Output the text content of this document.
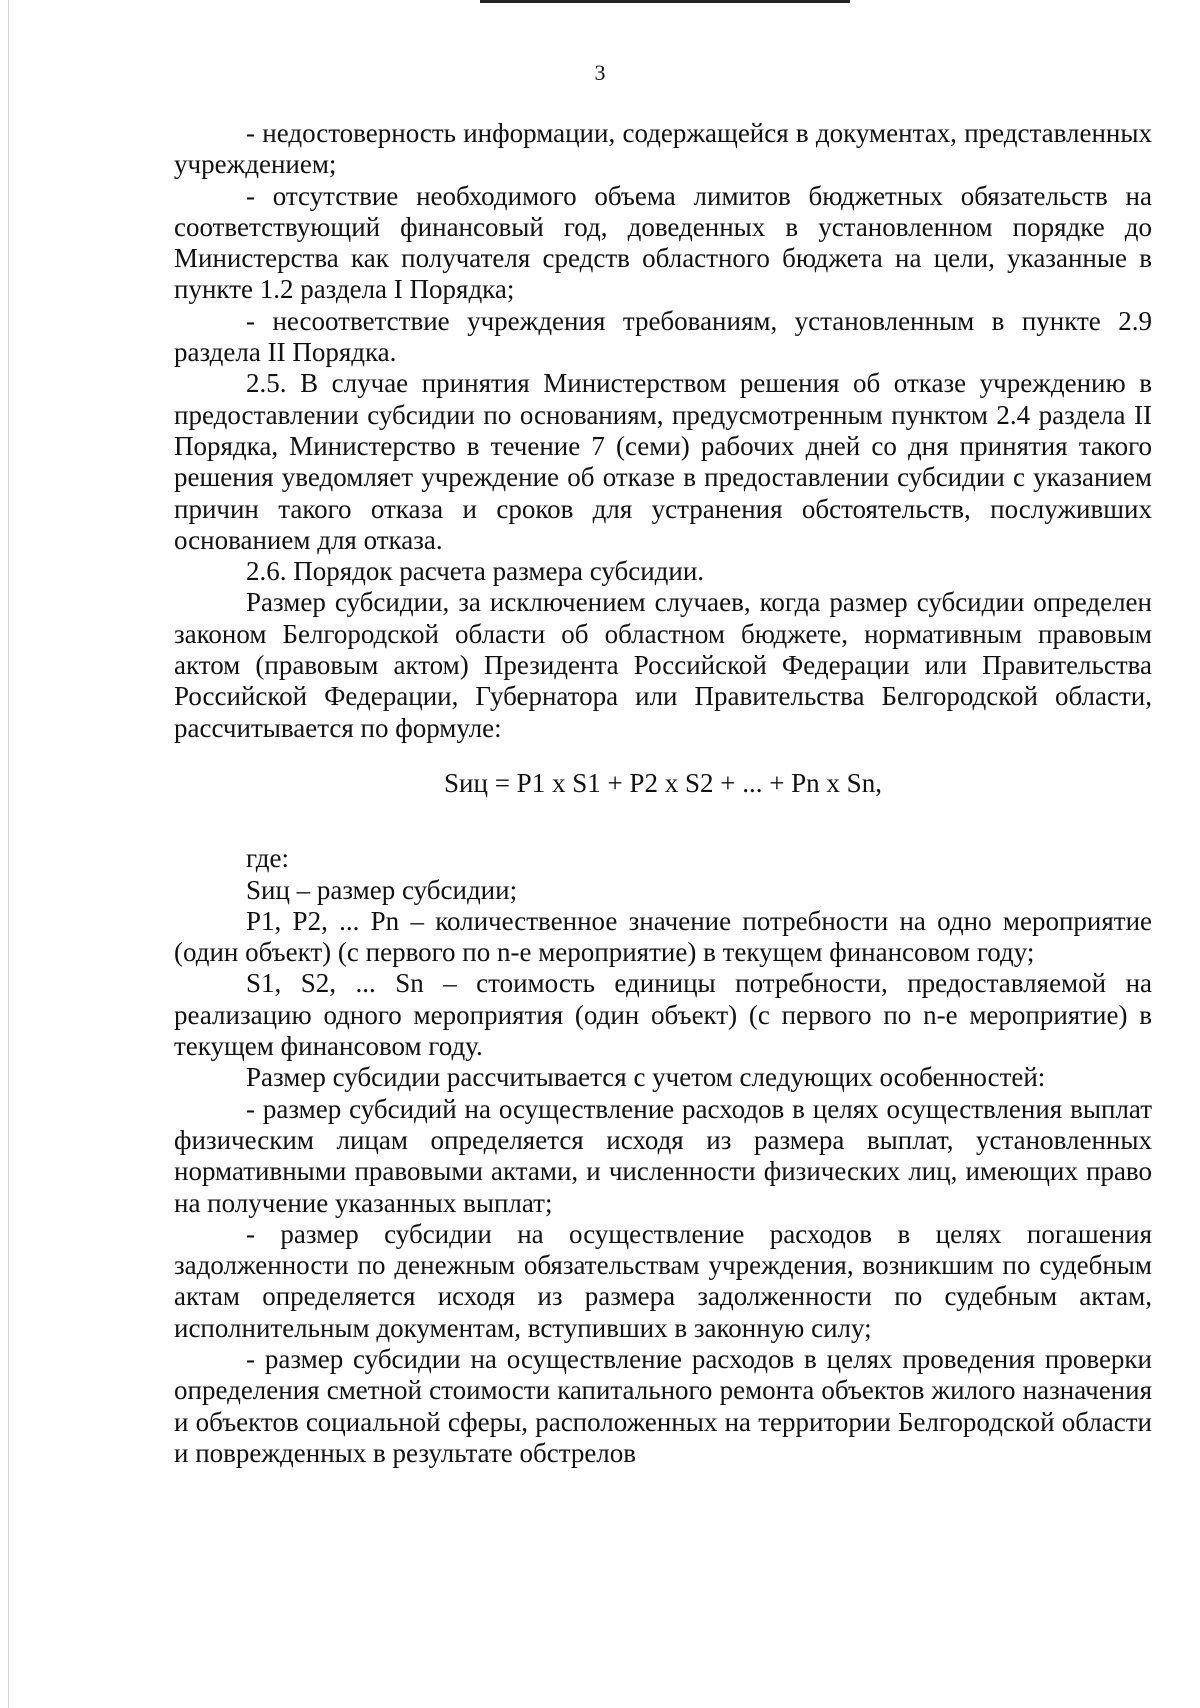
3

- недостоверность информации, содержащейся в документах, представленных учреждением;

- отсутствие необходимого объема лимитов бюджетных обязательств на соответствующий финансовый год, доведенных в установленном порядке до Министерства как получателя средств областного бюджета на цели, указанные в пункте 1.2 раздела I Порядка;

- несоответствие учреждения требованиям, установленным в пункте 2.9 раздела II Порядка.

2.5. В случае принятия Министерством решения об отказе учреждению в предоставлении субсидии по основаниям, предусмотренным пунктом 2.4 раздела II Порядка, Министерство в течение 7 (семи) рабочих дней со дня принятия такого решения уведомляет учреждение об отказе в предоставлении субсидии с указанием причин такого отказа и сроков для устранения обстоятельств, послуживших основанием для отказа.

2.6. Порядок расчета размера субсидии.

Размер субсидии, за исключением случаев, когда размер субсидии определен законом Белгородской области об областном бюджете, нормативным правовым актом (правовым актом) Президента Российской Федерации или Правительства Российской Федерации, Губернатора или Правительства Белгородской области, рассчитывается по формуле:

Sиц = P1 x S1 + P2 x S2 + ... + Pn x Sn,

где:

Sиц – размер субсидии;

P1, P2, ... Pn – количественное значение потребности на одно мероприятие (один объект) (с первого по n-е мероприятие) в текущем финансовом году;

S1, S2, ... Sn – стоимость единицы потребности, предоставляемой на реализацию одного мероприятия (один объект) (с первого по n-е мероприятие) в текущем финансовом году.

Размер субсидии рассчитывается с учетом следующих особенностей:

- размер субсидий на осуществление расходов в целях осуществления выплат физическим лицам определяется исходя из размера выплат, установленных нормативными правовыми актами, и численности физических лиц, имеющих право на получение указанных выплат;

- размер субсидии на осуществление расходов в целях погашения задолженности по денежным обязательствам учреждения, возникшим по судебным актам определяется исходя из размера задолженности по судебным актам, исполнительным документам, вступивших в законную силу;

- размер субсидии на осуществление расходов в целях проведения проверки определения сметной стоимости капитального ремонта объектов жилого назначения и объектов социальной сферы, расположенных на территории Белгородской области и поврежденных в результате обстрелов
